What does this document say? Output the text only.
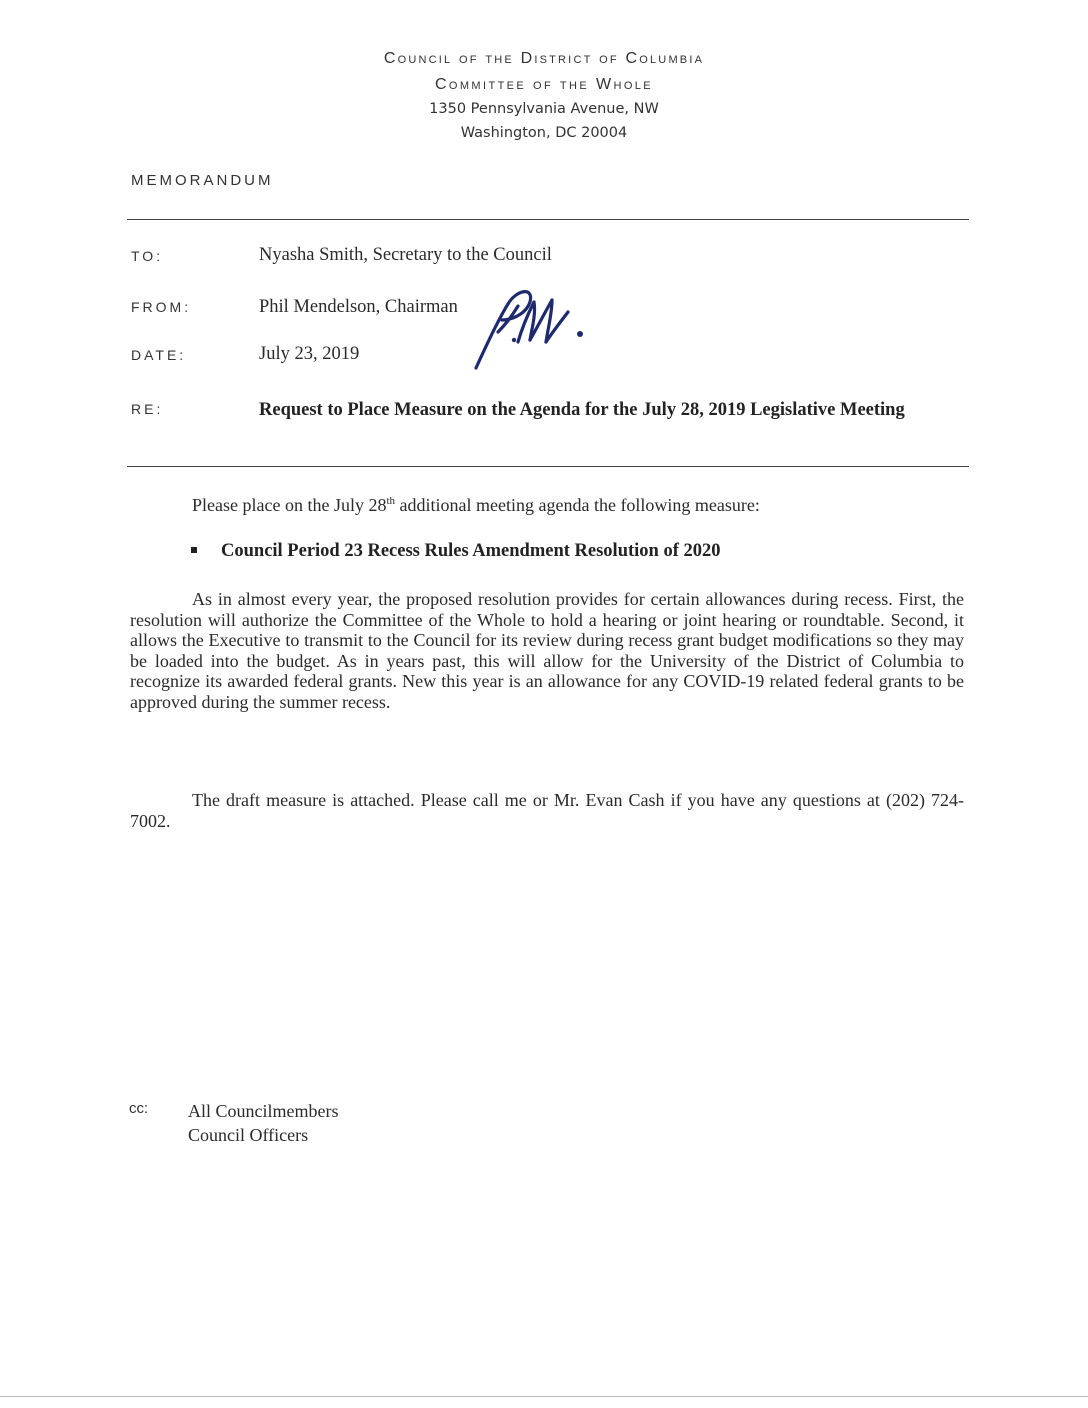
Council of the District of Columbia
Committee of the Whole
1350 Pennsylvania Avenue, NW
Washington, DC 20004
MEMORANDUM
TO:	Nyasha Smith, Secretary to the Council
FROM:	Phil Mendelson, Chairman
DATE:	July 23, 2019
RE:	Request to Place Measure on the Agenda for the July 28, 2019 Legislative Meeting
Please place on the July 28th additional meeting agenda the following measure:
Council Period 23 Recess Rules Amendment Resolution of 2020
As in almost every year, the proposed resolution provides for certain allowances during recess. First, the resolution will authorize the Committee of the Whole to hold a hearing or joint hearing or roundtable. Second, it allows the Executive to transmit to the Council for its review during recess grant budget modifications so they may be loaded into the budget. As in years past, this will allow for the University of the District of Columbia to recognize its awarded federal grants. New this year is an allowance for any COVID-19 related federal grants to be approved during the summer recess.
The draft measure is attached. Please call me or Mr. Evan Cash if you have any questions at (202) 724-7002.
cc: All Councilmembers
Council Officers
